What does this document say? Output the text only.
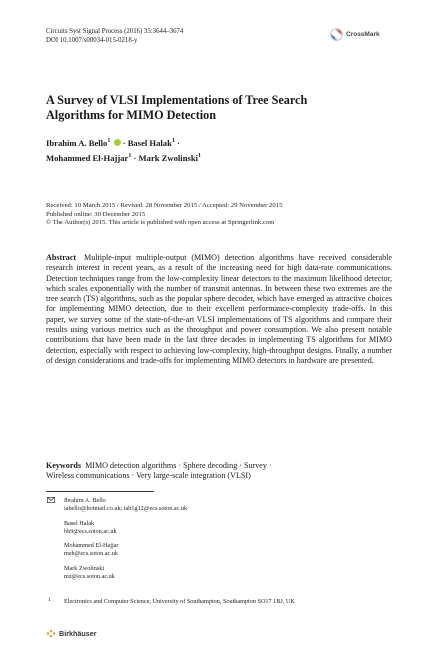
Circuits Syst Signal Process (2016) 35:3644–3674
DOI 10.1007/s00034-015-0218-y
CrossMark
A Survey of VLSI Implementations of Tree Search
Algorithms for MIMO Detection
Ibrahim A. Bello$^1$ · Basel Halak$^1$ ·
Mohammed El-Hajjar$^1$ · Mark Zwolinski$^1$
Received: 10 March 2015 / Revised: 28 November 2015 / Accepted: 29 November 2015
Published online: 30 December 2015
© The Author(s) 2015. This article is published with open access at Springerlink.com
Abstract Multiple-input multiple-output (MIMO) detection algorithms have received considerable research interest in recent years, as a result of the increasing need for high data-rate communications. Detection techniques range from the low-complexity linear detectors to the maximum likelihood detector, which scales exponentially with the number of transmit antennas. In between these two extremes are the tree search (TS) algorithms, such as the popular sphere decoder, which have emerged as attractive choices for implementing MIMO detection, due to their excellent performance-complexity trade-offs. In this paper, we survey some of the state-of-the-art VLSI implementations of TS algorithms and compare their results using various metrics such as the throughput and power consumption. We also present notable contributions that have been made in the last three decades in implementing TS algorithms for MIMO detection, especially with respect to achieving low-complexity, high-throughput designs. Finally, a number of design considerations and trade-offs for implementing MIMO detectors in hardware are presented.
Keywords MIMO detection algorithms · Sphere decoding · Survey ·
Wireless communications · Very large-scale integration (VLSI)
Ibrahim A. Bello
iabello@hotmail.co.uk; iab1g12@ecs.soton.ac.uk
Basel Halak
bh9@ecs.soton.ac.uk
Mohammed El-Hajjar
meh@ecs.soton.ac.uk
Mark Zwolinski
mz@ecs.soton.ac.uk
1 Electronics and Computer Science, University of Southampton, Southampton SO17 1BJ, UK
Birkhäuser
